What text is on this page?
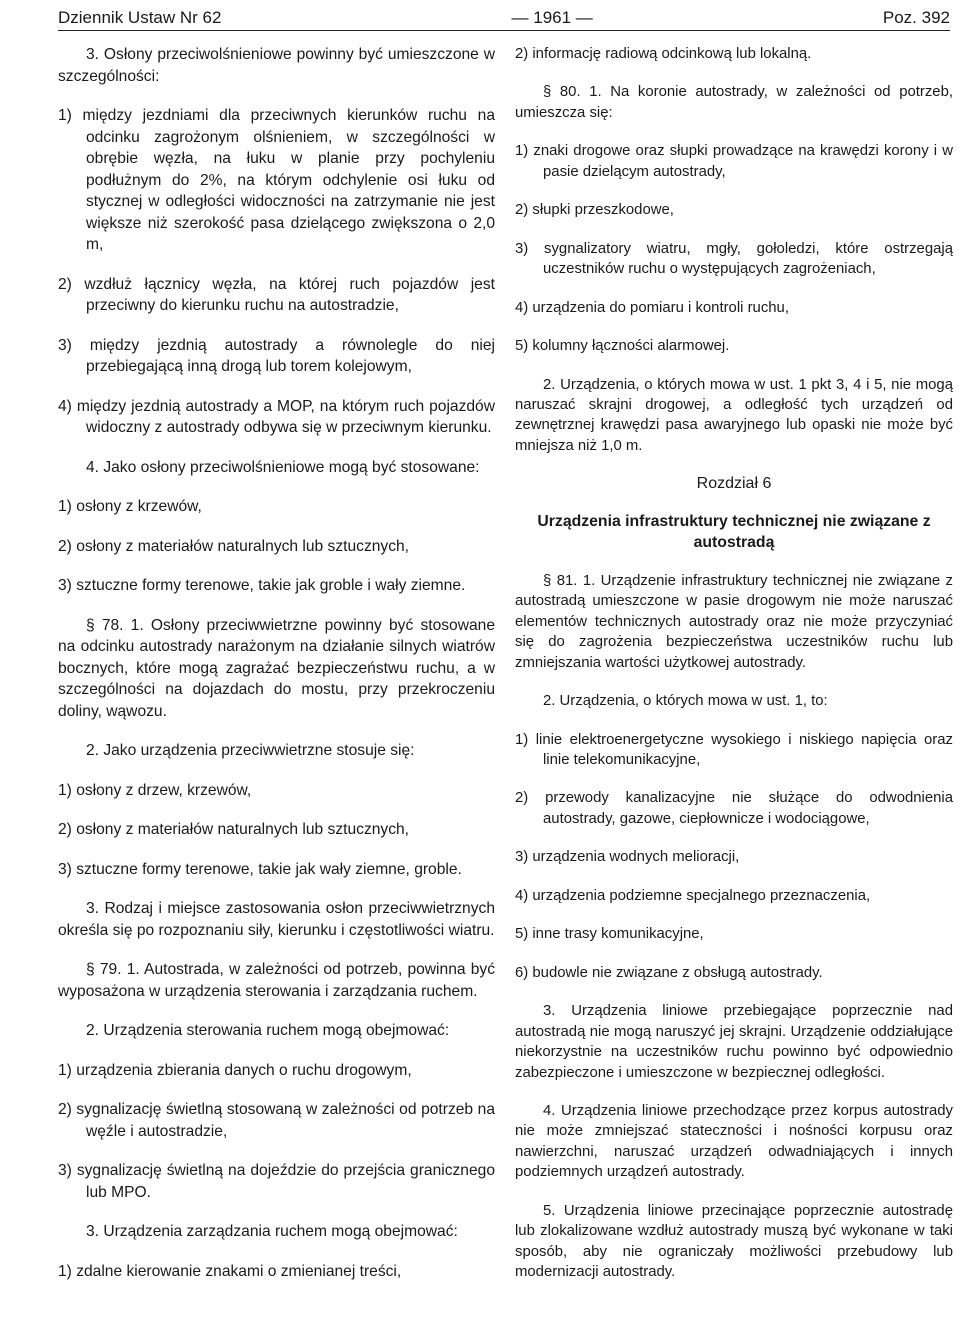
Dziennik Ustaw Nr 62	— 1961 —	Poz. 392

3. Osłony przeciwolśnieniowe powinny być umieszczone w szczególności:

1) między jezdniami dla przeciwnych kierunków ruchu na odcinku zagrożonym olśnieniem, w szczególności w obrębie węzła, na łuku w planie przy pochyleniu podłużnym do 2%, na którym odchylenie osi łuku od stycznej w odległości widoczności na zatrzymanie nie jest większe niż szerokość pasa dzielącego zwiększona o 2,0 m,

2) wzdłuż łącznicy węzła, na której ruch pojazdów jest przeciwny do kierunku ruchu na autostradzie,

3) między jezdnią autostrady a równolegle do niej przebiegającą inną drogą lub torem kolejowym,

4) między jezdnią autostrady a MOP, na którym ruch pojazdów widoczny z autostrady odbywa się w przeciwnym kierunku.

4. Jako osłony przeciwolśnieniowe mogą być stosowane:

1) osłony z krzewów,

2) osłony z materiałów naturalnych lub sztucznych,

3) sztuczne formy terenowe, takie jak groble i wały ziemne.

§ 78. 1. Osłony przeciwwietrzne powinny być stosowane na odcinku autostrady narażonym na działanie silnych wiatrów bocznych, które mogą zagrażać bezpieczeństwu ruchu, a w szczególności na dojazdach do mostu, przy przekroczeniu doliny, wąwozu.

2. Jako urządzenia przeciwwietrzne stosuje się:

1) osłony z drzew, krzewów,

2) osłony z materiałów naturalnych lub sztucznych,

3) sztuczne formy terenowe, takie jak wały ziemne, groble.

3. Rodzaj i miejsce zastosowania osłon przeciwwietrznych określa się po rozpoznaniu siły, kierunku i częstotliwości wiatru.

§ 79. 1. Autostrada, w zależności od potrzeb, powinna być wyposażona w urządzenia sterowania i zarządzania ruchem.

2. Urządzenia sterowania ruchem mogą obejmować:

1) urządzenia zbierania danych o ruchu drogowym,

2) sygnalizację świetlną stosowaną w zależności od potrzeb na węźle i autostradzie,

3) sygnalizację świetlną na dojeździe do przejścia granicznego lub MPO.

3. Urządzenia zarządzania ruchem mogą obejmować:

1) zdalne kierowanie znakami o zmienianej treści,

2) informację radiową odcinkową lub lokalną.

§ 80. 1. Na koronie autostrady, w zależności od potrzeb, umieszcza się:

1) znaki drogowe oraz słupki prowadzące na krawędzi korony i w pasie dzielącym autostrady,

2) słupki przeszkodowe,

3) sygnalizatory wiatru, mgły, gołoledzi, które ostrzegają uczestników ruchu o występujących zagrożeniach,

4) urządzenia do pomiaru i kontroli ruchu,

5) kolumny łączności alarmowej.

2. Urządzenia, o których mowa w ust. 1 pkt 3, 4 i 5, nie mogą naruszać skrajni drogowej, a odległość tych urządzeń od zewnętrznej krawędzi pasa awaryjnego lub opaski nie może być mniejsza niż 1,0 m.

Rozdział 6

Urządzenia infrastruktury technicznej nie związane z autostradą

§ 81. 1. Urządzenie infrastruktury technicznej nie związane z autostradą umieszczone w pasie drogowym nie może naruszać elementów technicznych autostrady oraz nie może przyczyniać się do zagrożenia bezpieczeństwa uczestników ruchu lub zmniejszania wartości użytkowej autostrady.

2. Urządzenia, o których mowa w ust. 1, to:

1) linie elektroenergetyczne wysokiego i niskiego napięcia oraz linie telekomunikacyjne,

2) przewody kanalizacyjne nie służące do odwodnienia autostrady, gazowe, ciepłownicze i wodociągowe,

3) urządzenia wodnych melioracji,

4) urządzenia podziemne specjalnego przeznaczenia,

5) inne trasy komunikacyjne,

6) budowle nie związane z obsługą autostrady.

3. Urządzenia liniowe przebiegające poprzecznie nad autostradą nie mogą naruszyć jej skrajni. Urządzenie oddziałujące niekorzystnie na uczestników ruchu powinno być odpowiednio zabezpieczone i umieszczone w bezpiecznej odległości.

4. Urządzenia liniowe przechodzące przez korpus autostrady nie może zmniejszać stateczności i nośności korpusu oraz nawierzchni, naruszać urządzeń odwadniających i innych podziemnych urządzeń autostrady.

5. Urządzenia liniowe przecinające poprzecznie autostradę lub zlokalizowane wzdłuż autostrady muszą być wykonane w taki sposób, aby nie ograniczały możliwości przebudowy lub modernizacji autostrady.
